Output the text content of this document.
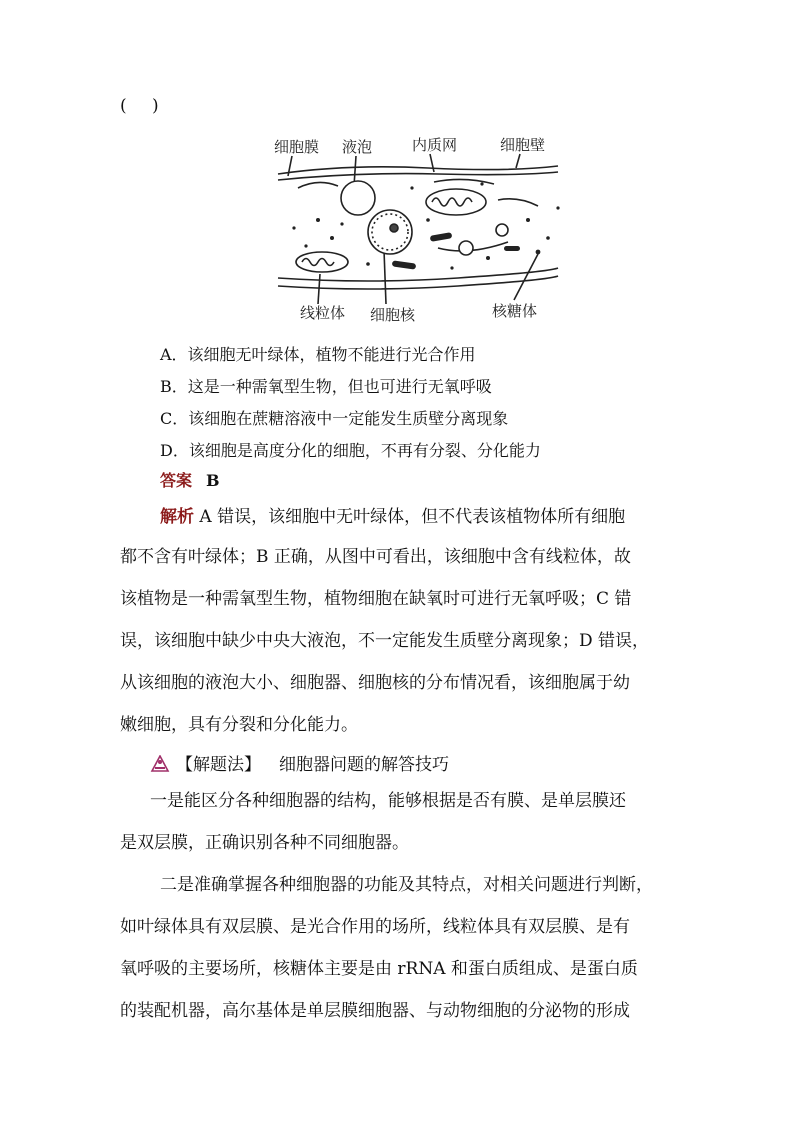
( )
细胞膜 液泡	内质网	细胞壁
线粒体 细胞核	核糖体
A．该细胞无叶绿体，植物不能进行光合作用
B．这是一种需氧型生物，但也可进行无氧呼吸
C．该细胞在蔗糖溶液中一定能发生质壁分离现象
D．该细胞是高度分化的细胞，不再有分裂、分化能力
答案 B
解析 A 错误，该细胞中无叶绿体，但不代表该植物体所有细胞
都不含有叶绿体；B 正确，从图中可看出，该细胞中含有线粒体，故
该植物是一种需氧型生物，植物细胞在缺氧时可进行无氧呼吸；C 错
误，该细胞中缺少中央大液泡，不一定能发生质壁分离现象；D 错误，
从该细胞的液泡大小、细胞器、细胞核的分布情况看，该细胞属于幼
嫩细胞，具有分裂和分化能力。
【解题法】 细胞器问题的解答技巧
一是能区分各种细胞器的结构，能够根据是否有膜、是单层膜还
是双层膜，正确识别各种不同细胞器。
二是准确掌握各种细胞器的功能及其特点，对相关问题进行判断，
如叶绿体具有双层膜、是光合作用的场所，线粒体具有双层膜、是有
氧呼吸的主要场所，核糖体主要是由 rRNA 和蛋白质组成、是蛋白质
的装配机器，高尔基体是单层膜细胞器、与动物细胞的分泌物的形成
